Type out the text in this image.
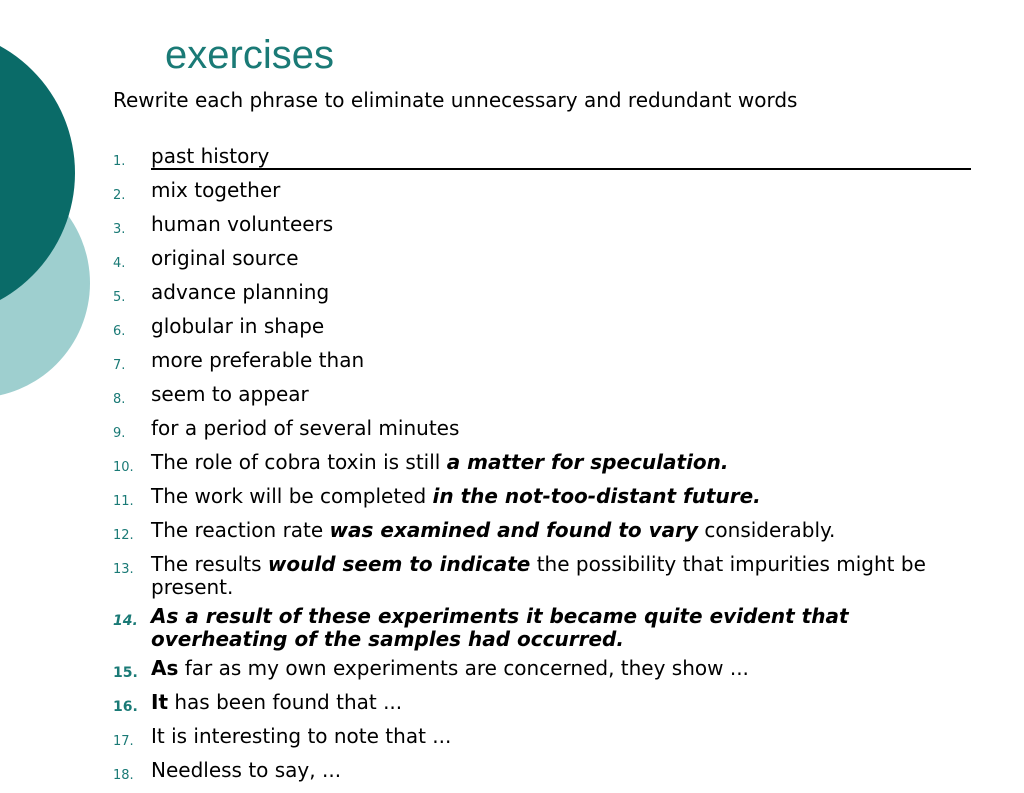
exercises
Rewrite each phrase to eliminate unnecessary and redundant words
1.	past history
2.	mix together
3.	human volunteers
4.	original source
5.	advance planning
6.	globular in shape
7.	more preferable than
8.	seem to appear
9.	for a period of several minutes
10. The role of cobra toxin is still a matter for speculation.
11. The work will be completed in the not-too-distant future.
12. The reaction rate was examined and found to vary considerably.
13. The results would seem to indicate the possibility that impurities might be present.
14. As a result of these experiments it became quite evident that overheating of the samples had occurred.
15. As far as my own experiments are concerned, they show ...
16. It has been found that ...
17. It is interesting to note that ...
18. Needless to say, ...
